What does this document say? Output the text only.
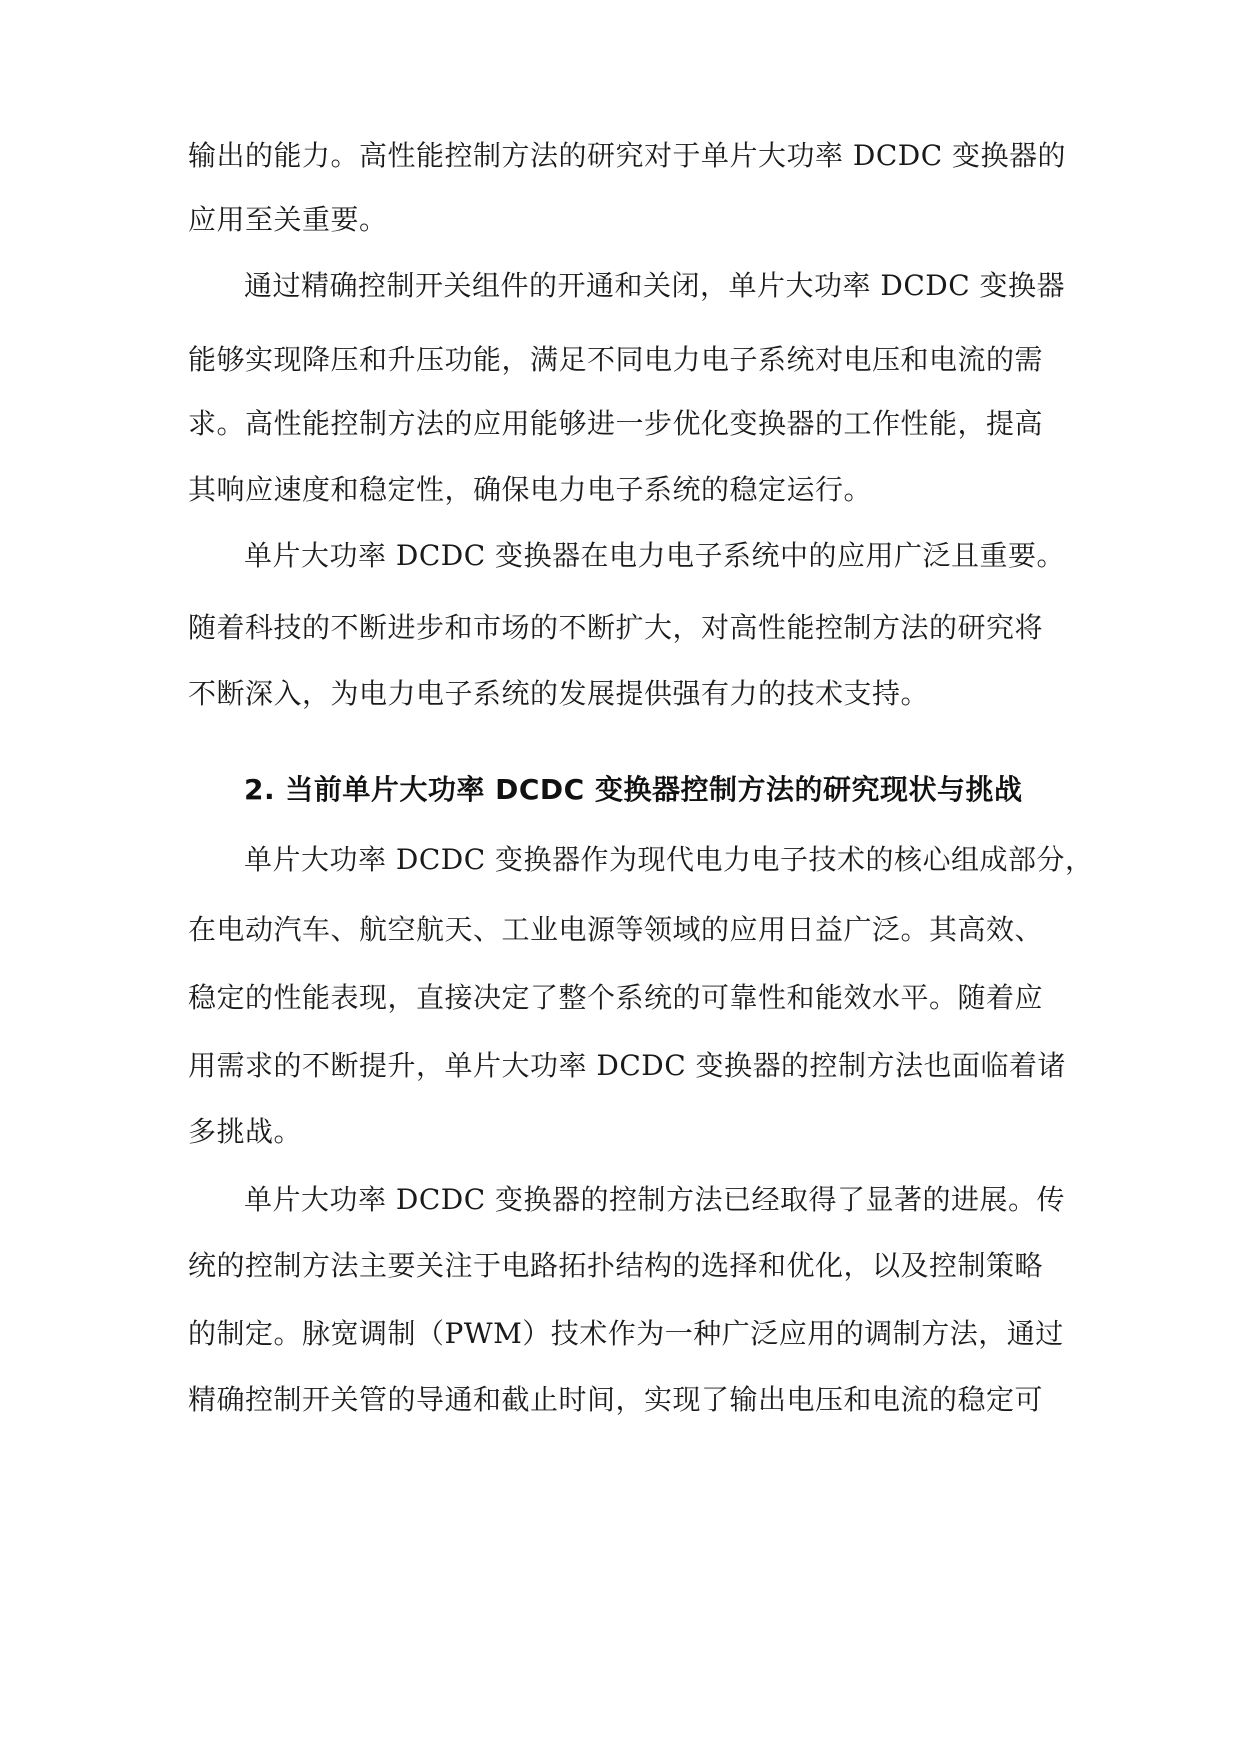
输出的能力。高性能控制方法的研究对于单片大功率 DCDC 变换器的

应用至关重要。

通过精确控制开关组件的开通和关闭，单片大功率 DCDC 变换器

能够实现降压和升压功能，满足不同电力电子系统对电压和电流的需

求。高性能控制方法的应用能够进一步优化变换器的工作性能，提高

其响应速度和稳定性，确保电力电子系统的稳定运行。

单片大功率 DCDC 变换器在电力电子系统中的应用广泛且重要。

随着科技的不断进步和市场的不断扩大，对高性能控制方法的研究将

不断深入，为电力电子系统的发展提供强有力的技术支持。

2. 当前单片大功率 DCDC 变换器控制方法的研究现状与挑战

单片大功率 DCDC 变换器作为现代电力电子技术的核心组成部分，

在电动汽车、航空航天、工业电源等领域的应用日益广泛。其高效、

稳定的性能表现，直接决定了整个系统的可靠性和能效水平。随着应

用需求的不断提升，单片大功率 DCDC 变换器的控制方法也面临着诸

多挑战。

单片大功率 DCDC 变换器的控制方法已经取得了显著的进展。传

统的控制方法主要关注于电路拓扑结构的选择和优化，以及控制策略

的制定。脉宽调制（PWM）技术作为一种广泛应用的调制方法，通过

精确控制开关管的导通和截止时间，实现了输出电压和电流的稳定可
